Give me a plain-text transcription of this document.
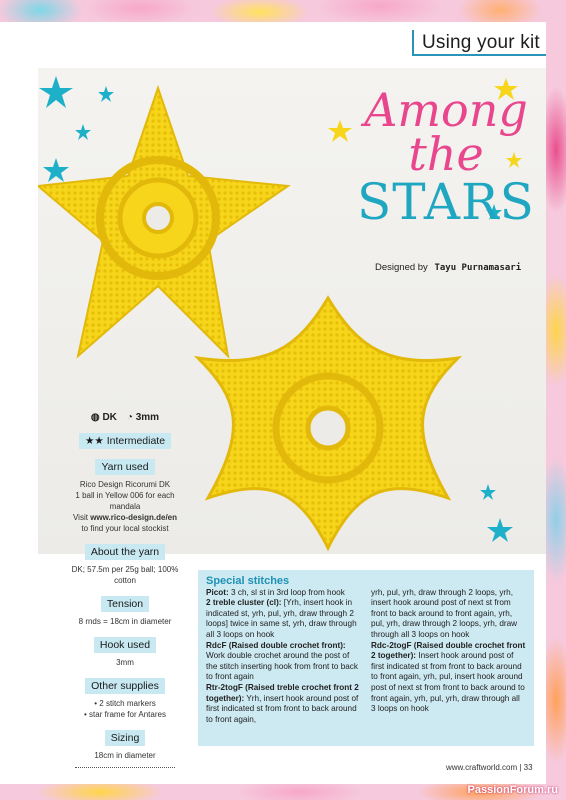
Using your kit
Among
the
STARS
Designed by Tayu Purnamasari
◍ DK ◔ 3mm
★★ Intermediate
Yarn used
Rico Design Ricorumi DK
1 ball in Yellow 006 for each mandala
Visit www.rico-design.de/en
to find your local stockist
About the yarn
DK; 57.5m per 25g ball; 100% cotton
Tension
8 rnds = 18cm in diameter
Hook used
3mm
Other supplies
• 2 stitch markers
• star frame for Antares
Sizing
18cm in diameter
Special stitches
Picot: 3 ch, sl st in 3rd loop from hook
2 treble cluster (cl): [Yrh, insert hook in indicated st, yrh, pul, yrh, draw through 2 loops] twice in same st, yrh, draw through all 3 loops on hook
RdcF (Raised double crochet front): Work double crochet around the post of the stitch inserting hook from front to back to front again
Rtr-2togF (Raised treble crochet front 2 together): Yrh, insert hook around post of first indicated st from front to back around to front again,
yrh, pul, yrh, draw through 2 loops, yrh, insert hook around post of next st from front to back around to front again, yrh, pul, yrh, draw through 2 loops, yrh, draw through all 3 loops on hook
Rdc-2togF (Raised double crochet front 2 together): Insert hook around post of first indicated st from front to back around to front again, yrh, pul, insert hook around post of next st from front to back around to front again, yrh, pul, yrh, draw through all 3 loops on hook
www.craftworld.com | 33
PassionForum.ru
